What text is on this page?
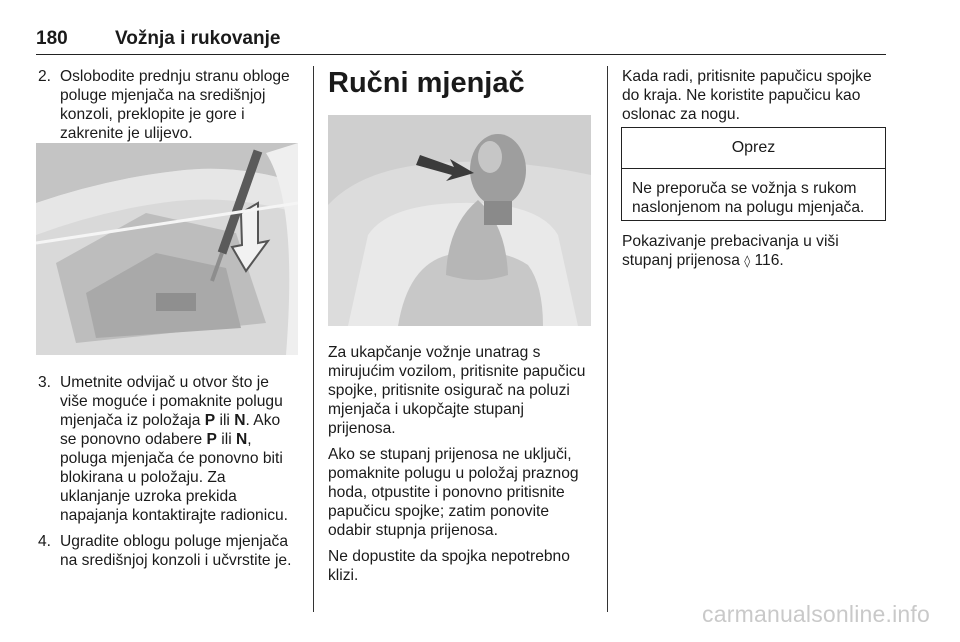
180 Vožnja i rukovanje
2. Oslobodite prednju stranu obloge poluge mjenjača na središnjoj konzoli, preklopite je gore i zakrenite je ulijevo.

3. Umetnite odvijač u otvor što je
više moguće i pomaknite polugu
mjenjača iz položaja P ili N. Ako
se ponovno odabere P ili N,

poluga mjenjača će ponovno biti blokirana u položaju. Za uklanjanje uzroka prekida napajanja kontaktirajte radionicu.

4. Ugradite oblogu poluge mjenjača na središnjoj konzoli i učvrstite je.

Ručni mjenjač

Za ukapčanje vožnje unatrag s mirujućim vozilom, pritisnite papučicu spojke, pritisnite osigurač na poluzi mjenjača i ukopčajte stupanj prijenosa.

Ako se stupanj prijenosa ne uključi, pomaknite polugu u položaj praznog hoda, otpustite i ponovno pritisnite papučicu spojke; zatim ponovite odabir stupnja prijenosa.

Ne dopustite da spojka nepotrebno klizi.

Kada radi, pritisnite papučicu spojke do kraja. Ne koristite papučicu kao oslonac za nogu.

Oprez
Ne preporuča se vožnja s rukom naslonjenom na polugu mjenjača.

Pokazivanje prebacivanja u viši stupanj prijenosa ◊ 116.

carmanualsonline.info
